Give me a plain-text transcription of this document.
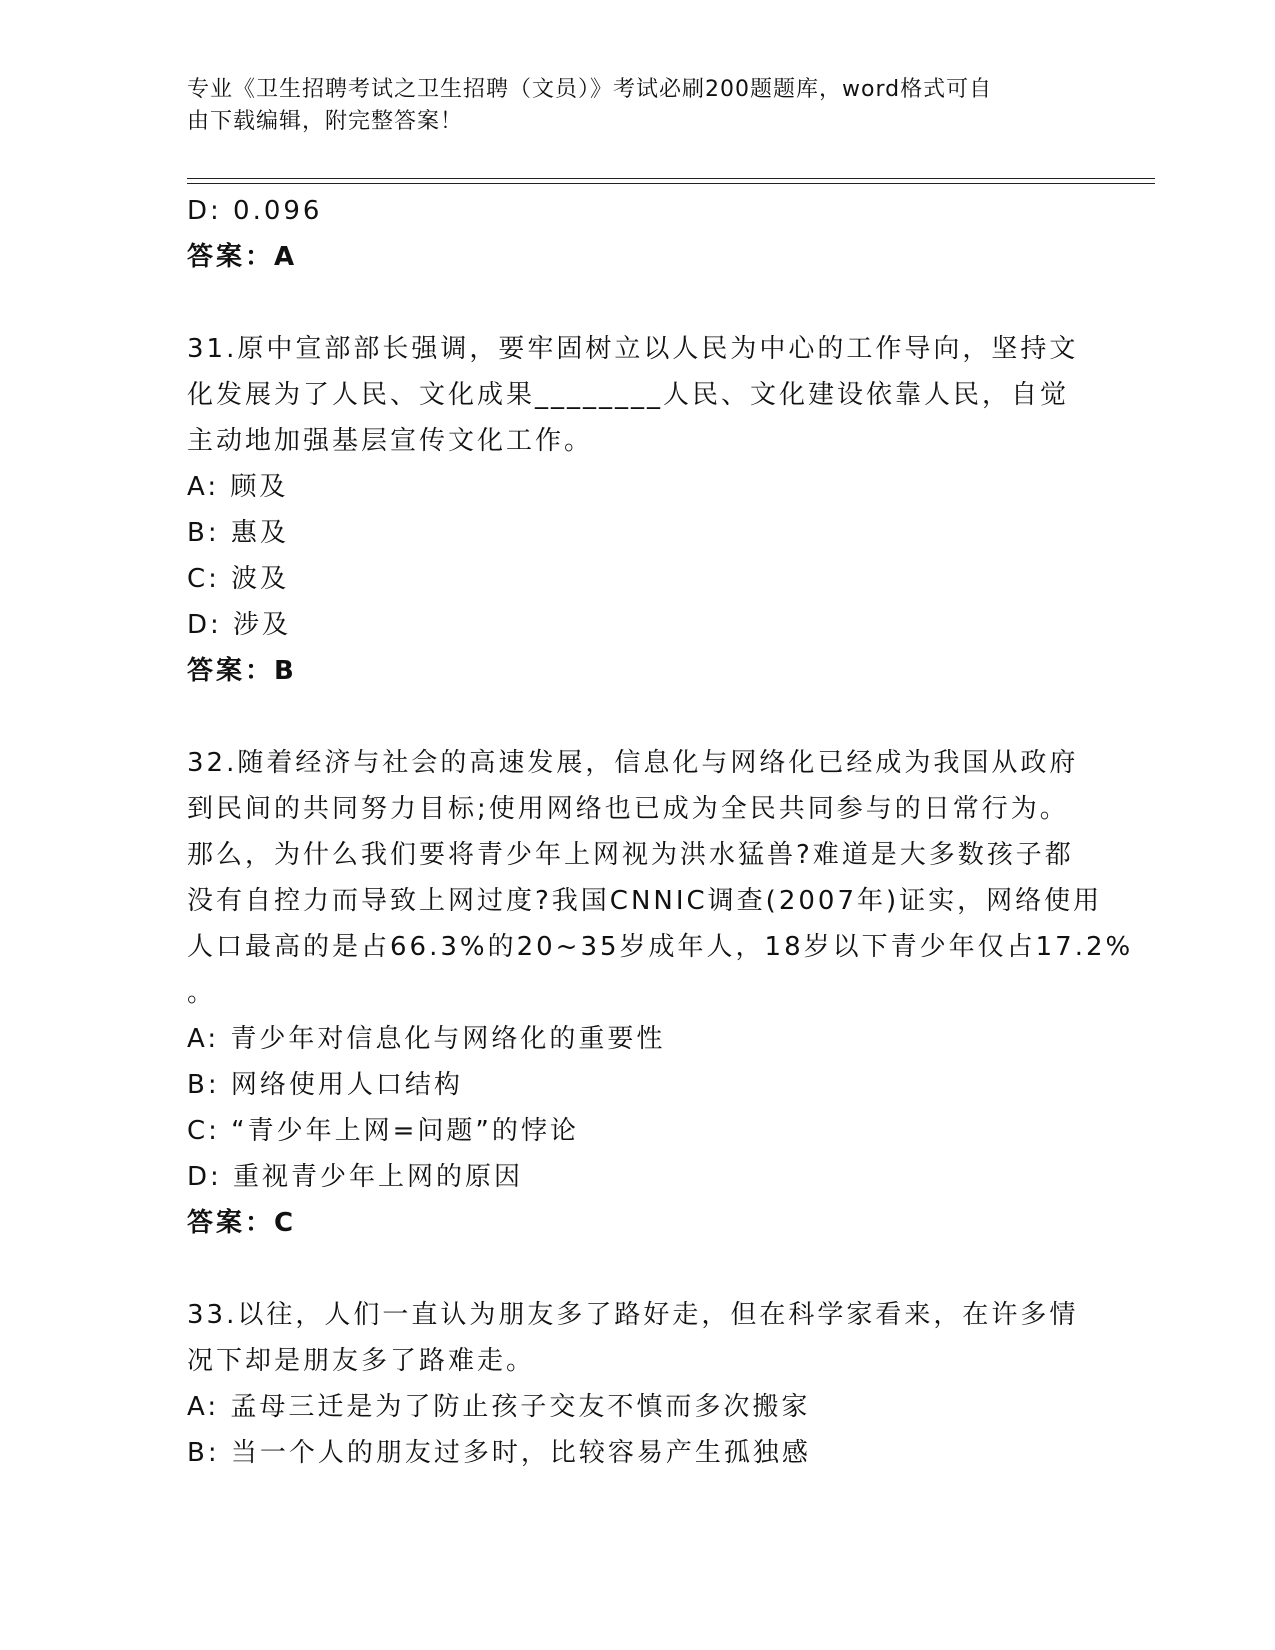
专业《卫生招聘考试之卫生招聘（文员）》考试必刷200题题库，word格式可自
由下载编辑，附完整答案！
D: 0.096
答案：A
31.原中宣部部长强调，要牢固树立以人民为中心的工作导向，坚持文
化发展为了人民、文化成果________人民、文化建设依靠人民，自觉
主动地加强基层宣传文化工作。
A: 顾及
B: 惠及
C: 波及
D: 涉及
答案：B
32.随着经济与社会的高速发展，信息化与网络化已经成为我国从政府
到民间的共同努力目标;使用网络也已成为全民共同参与的日常行为。
那么，为什么我们要将青少年上网视为洪水猛兽?难道是大多数孩子都
没有自控力而导致上网过度?我国CNNIC调查(2007年)证实，网络使用
人口最高的是占66.3%的20~35岁成年人，18岁以下青少年仅占17.2%
。
A: 青少年对信息化与网络化的重要性
B: 网络使用人口结构
C: “青少年上网=问题”的悖论
D: 重视青少年上网的原因
答案：C
33.以往，人们一直认为朋友多了路好走，但在科学家看来，在许多情
况下却是朋友多了路难走。
A: 孟母三迁是为了防止孩子交友不慎而多次搬家
B: 当一个人的朋友过多时，比较容易产生孤独感
